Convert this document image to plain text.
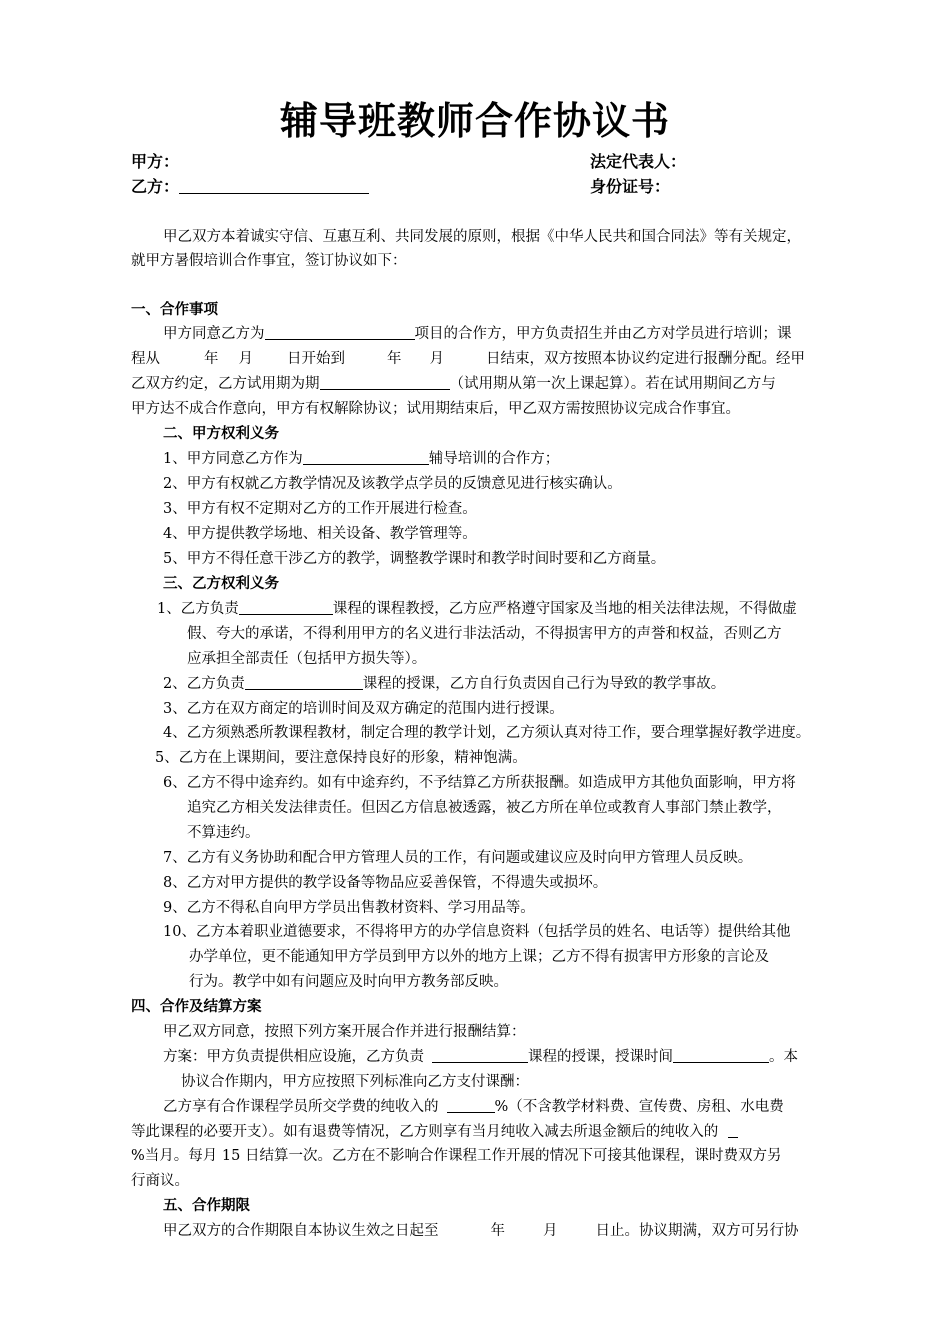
辅导班教师合作协议书
甲方：	法定代表人：
乙方：	身份证号：
甲乙双方本着诚实守信、互惠互利、共同发展的原则，根据《中华人民共和国合同法》等有关规定，
就甲方暑假培训合作事宜，签订协议如下：
一、合作事项
甲方同意乙方为	项目的合作方，甲方负责招生并由乙方对学员进行培训；课
程从	年 月 日开始到	年 月	日结束，双方按照本协议约定进行报酬分配。经甲
乙双方约定，乙方试用期为期	（试用期从第一次上课起算）。若在试用期间乙方与
甲方达不成合作意向，甲方有权解除协议；试用期结束后，甲乙双方需按照协议完成合作事宜。
二、甲方权利义务
1、甲方同意乙方作为	辅导培训的合作方；
2、甲方有权就乙方教学情况及该教学点学员的反馈意见进行核实确认。
3、甲方有权不定期对乙方的工作开展进行检查。
4、甲方提供教学场地、相关设备、教学管理等。
5、甲方不得任意干涉乙方的教学，调整教学课时和教学时间时要和乙方商量。
三、乙方权利义务
1、乙方负责	课程的课程教授，乙方应严格遵守国家及当地的相关法律法规，不得做虚
假、夸大的承诺，不得利用甲方的名义进行非法活动，不得损害甲方的声誉和权益，否则乙方
应承担全部责任（包括甲方损失等）。
2、乙方负责	课程的授课，乙方自行负责因自己行为导致的教学事故。
3、乙方在双方商定的培训时间及双方确定的范围内进行授课。
4、乙方须熟悉所教课程教材，制定合理的教学计划，乙方须认真对待工作，要合理掌握好教学进度。
5、乙方在上课期间，要注意保持良好的形象，精神饱满。
6、乙方不得中途弃约。如有中途弃约，不予结算乙方所获报酬。如造成甲方其他负面影响，甲方将
追究乙方相关发法律责任。但因乙方信息被透露，被乙方所在单位或教育人事部门禁止教学，
不算违约。
7、乙方有义务协助和配合甲方管理人员的工作，有问题或建议应及时向甲方管理人员反映。
8、乙方对甲方提供的教学设备等物品应妥善保管，不得遗失或损坏。
9、乙方不得私自向甲方学员出售教材资料、学习用品等。
10、乙方本着职业道德要求，不得将甲方的办学信息资料（包括学员的姓名、电话等）提供给其他
办学单位，更不能通知甲方学员到甲方以外的地方上课；乙方不得有损害甲方形象的言论及
行为。教学中如有问题应及时向甲方教务部反映。
四、合作及结算方案
甲乙双方同意，按照下列方案开展合作并进行报酬结算：
方案：甲方负责提供相应设施，乙方负责	课程的授课，授课时间	。本
协议合作期内，甲方应按照下列标准向乙方支付课酬：
乙方享有合作课程学员所交学费的纯收入的	%（不含教学材料费、宣传费、房租、水电费
等此课程的必要开支）。如有退费等情况，乙方则享有当月纯收入减去所退金额后的纯收入的
%当月。每月 15 日结算一次。乙方在不影响合作课程工作开展的情况下可接其他课程，课时费双方另
行商议。
五、合作期限
甲乙双方的合作期限自本协议生效之日起至	年	月	日止。协议期满，双方可另行协
